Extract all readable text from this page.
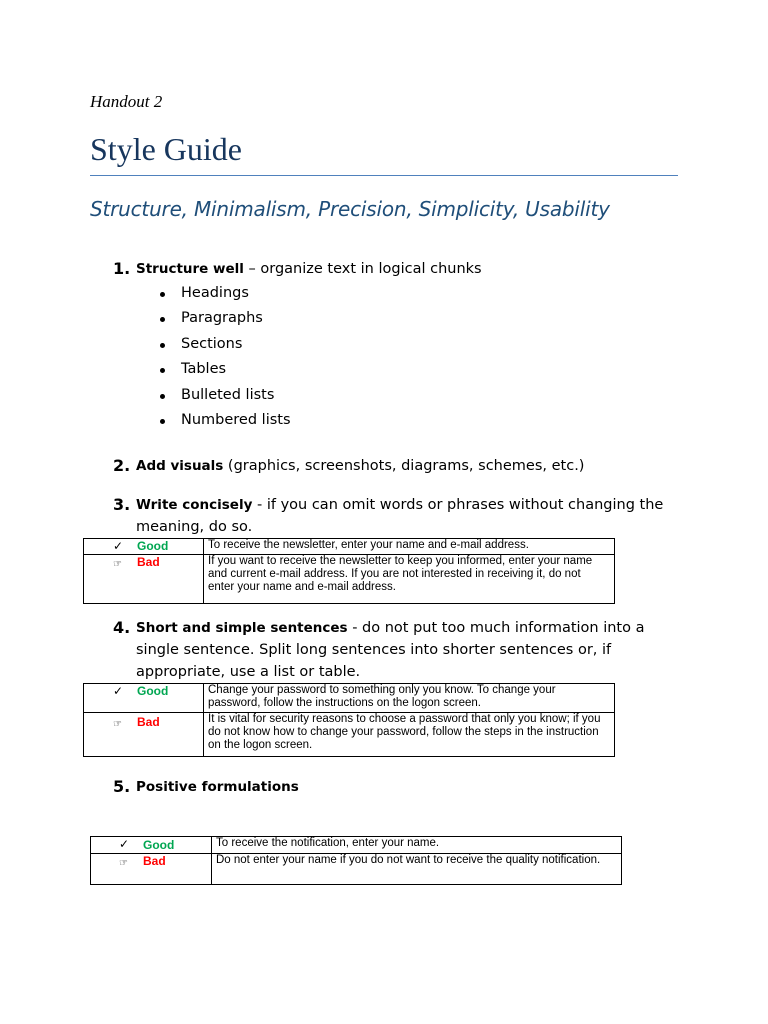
Handout 2
Style Guide
Structure, Minimalism, Precision, Simplicity, Usability
1. Structure well – organize text in logical chunks
Headings
Paragraphs
Sections
Tables
Bulleted lists
Numbered lists
2. Add visuals (graphics, screenshots, diagrams, schemes, etc.)
3. Write concisely - if you can omit words or phrases without changing the meaning, do so.
✓ Good	To receive the newsletter, enter your name and e-mail address.

☞ Bad	If you want to receive the newsletter to keep you informed, enter your name and current e-mail address. If you are not interested in receiving it, do not enter your name and e-mail address.
4. Short and simple sentences - do not put too much information into a single sentence. Split long sentences into shorter sentences or, if appropriate, use a list or table.
✓ Good	Change your password to something only you know. To change your password, follow the instructions on the logon screen.

☞ Bad	It is vital for security reasons to choose a password that only you know; if you do not know how to change your password, follow the steps in the instruction on the logon screen.
5. Positive formulations
✓ Good	To receive the notification, enter your name.

☞ Bad	Do not enter your name if you do not want to receive the quality notification.
